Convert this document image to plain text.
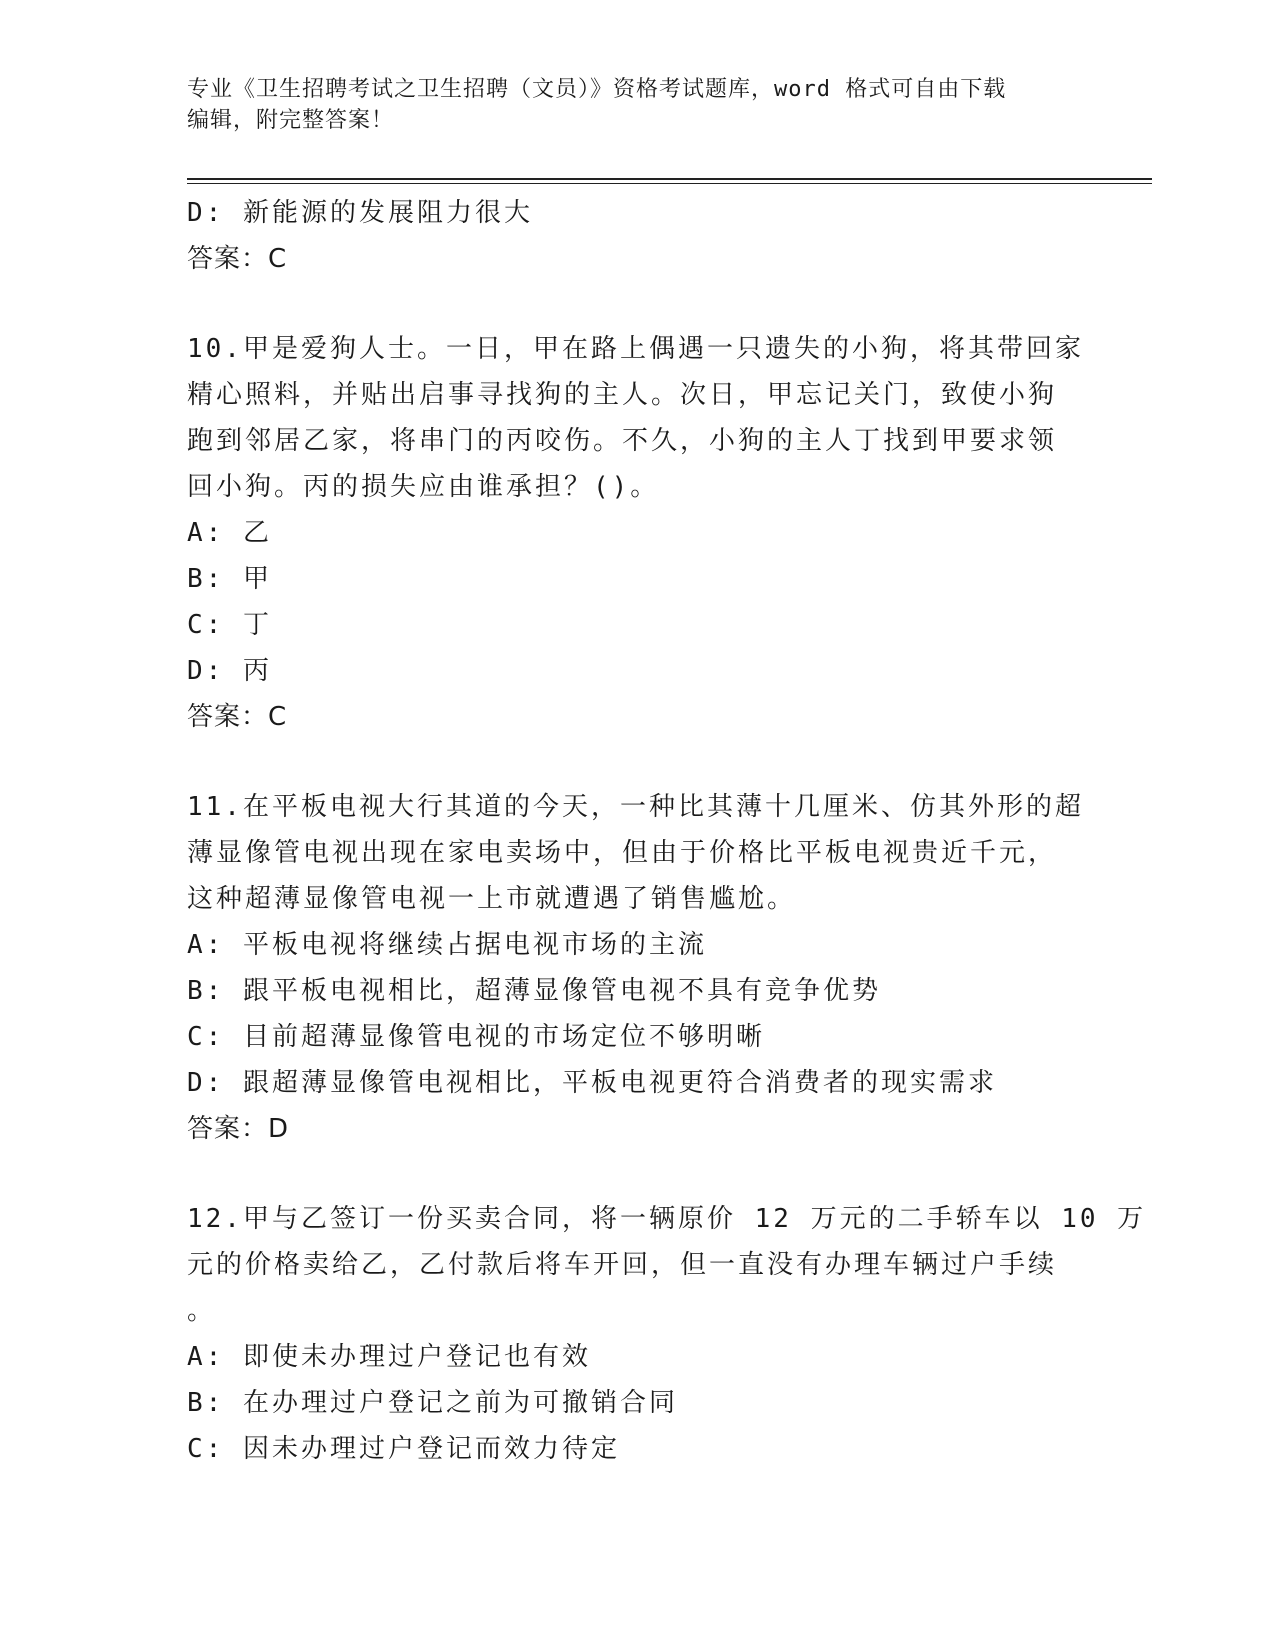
专业《卫生招聘考试之卫生招聘（文员）》资格考试题库，word 格式可自由下载
编辑，附完整答案！
D: 新能源的发展阻力很大
答案：C
10.甲是爱狗人士。一日，甲在路上偶遇一只遗失的小狗，将其带回家
精心照料，并贴出启事寻找狗的主人。次日，甲忘记关门，致使小狗
跑到邻居乙家，将串门的丙咬伤。不久，小狗的主人丁找到甲要求领
回小狗。丙的损失应由谁承担？()。
A: 乙
B: 甲
C: 丁
D: 丙
答案：C
11.在平板电视大行其道的今天，一种比其薄十几厘米、仿其外形的超
薄显像管电视出现在家电卖场中，但由于价格比平板电视贵近千元，
这种超薄显像管电视一上市就遭遇了销售尴尬。
A: 平板电视将继续占据电视市场的主流
B: 跟平板电视相比，超薄显像管电视不具有竞争优势
C: 目前超薄显像管电视的市场定位不够明晰
D: 跟超薄显像管电视相比，平板电视更符合消费者的现实需求
答案：D
12.甲与乙签订一份买卖合同，将一辆原价 12 万元的二手轿车以 10 万
元的价格卖给乙，乙付款后将车开回，但一直没有办理车辆过户手续
。
A: 即使未办理过户登记也有效
B: 在办理过户登记之前为可撤销合同
C: 因未办理过户登记而效力待定
